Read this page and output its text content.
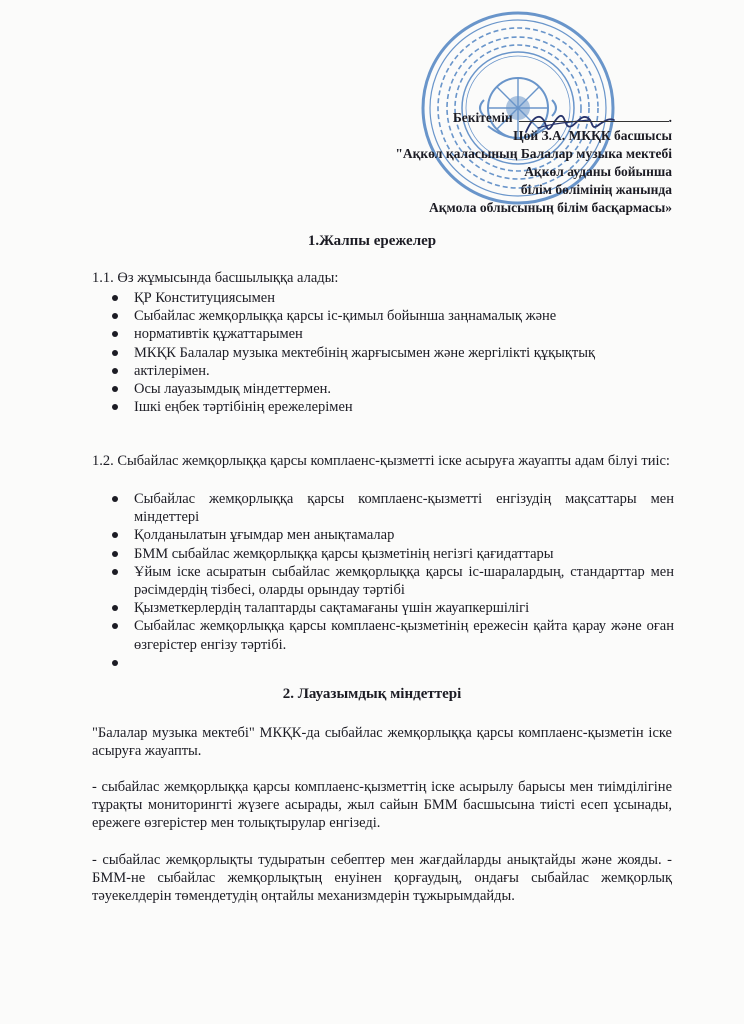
Бекітемін	.
Цой З.А. МКҚК басшысы
"Ақкөл қаласының Балалар музыка мектебі
Ақкөл ауданы бойынша
білім бөлімінің жанында
Ақмола облысының білім басқармасы»
1.Жалпы ережелер
1.1. Өз жұмысында басшылыққа алады:
ҚР Конституциясымен
Сыбайлас жемқорлыққа қарсы іс-қимыл бойынша заңнамалық және
нормативтік құжаттарымен
МКҚК Балалар музыка мектебінің жарғысымен және жергілікті құқықтық
актілерімен.
Осы лауазымдық міндеттермен.
Ішкі еңбек тәртібінің ережелерімен
1.2. Сыбайлас жемқорлыққа қарсы комплаенс-қызметті іске асыруға жауапты адам білуі тиіс:
Сыбайлас жемқорлыққа қарсы комплаенс-қызметті енгізудің мақсаттары мен міндеттері
Қолданылатын ұғымдар мен анықтамалар
БММ сыбайлас жемқорлыққа қарсы қызметінің негізгі қағидаттары
Ұйым іске асыратын сыбайлас жемқорлыққа қарсы іс-шаралардың, стандарттар мен рәсімдердің тізбесі, оларды орындау тәртібі
Қызметкерлердің талаптарды сақтамағаны үшін жауапкершілігі
Сыбайлас жемқорлыққа қарсы комплаенс-қызметінің ережесін қайта қарау және оған өзгерістер енгізу тәртібі.
2. Лауазымдық міндеттері
"Балалар музыка мектебі" МКҚК-да сыбайлас жемқорлыққа қарсы комплаенс-қызметін іске асыруға жауапты.
- сыбайлас жемқорлыққа қарсы комплаенс-қызметтің іске асырылу барысы мен тиімділігіне тұрақты мониторингті жүзеге асырады, жыл сайын БММ басшысына тиісті есеп ұсынады, ережеге өзгерістер мен толықтырулар енгізеді.
- сыбайлас жемқорлықты тудыратын себептер мен жағдайларды анықтайды және жояды. - БММ-не сыбайлас жемқорлықтың енуінен қорғаудың, ондағы сыбайлас жемқорлық тәуекелдерін төмендетудің оңтайлы механизмдерін тұжырымдайды.
